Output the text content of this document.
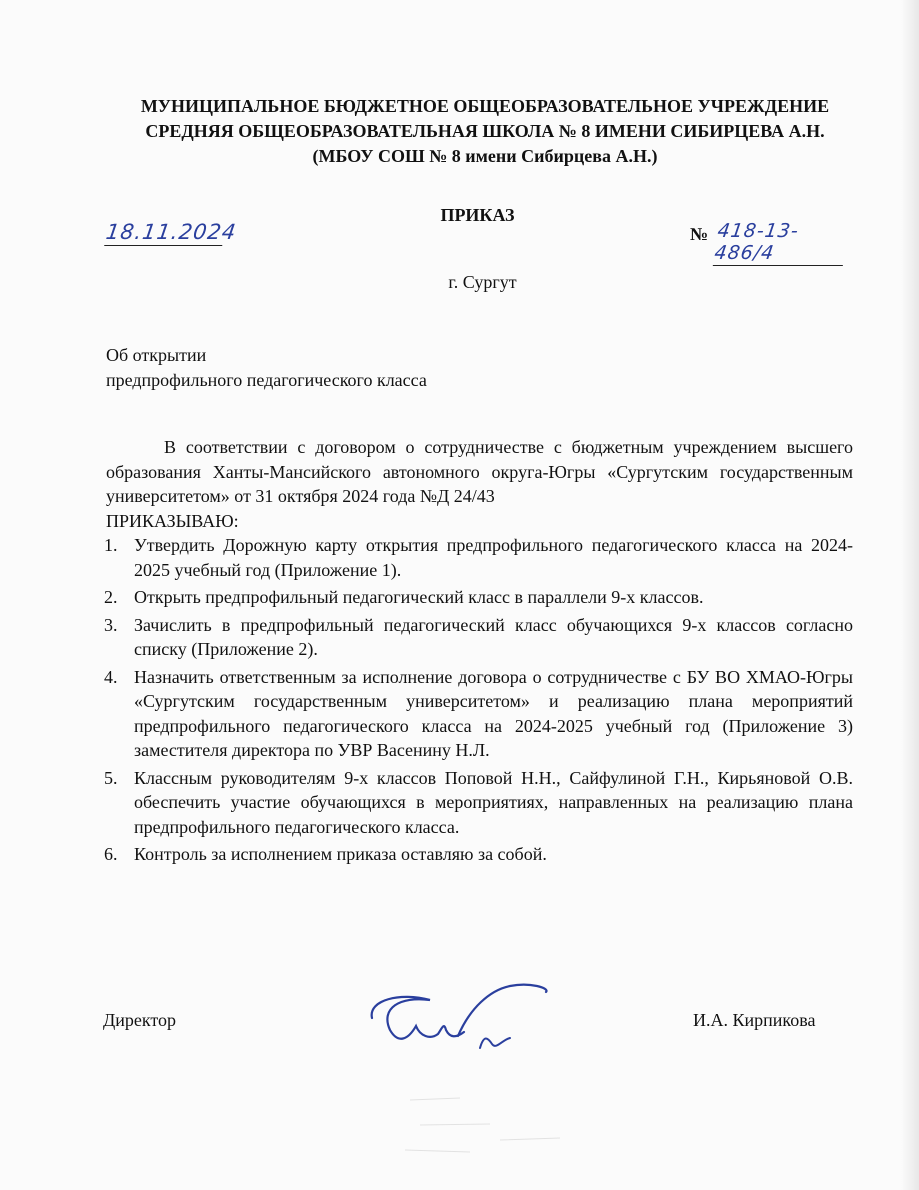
МУНИЦИПАЛЬНОЕ БЮДЖЕТНОЕ ОБЩЕОБРАЗОВАТЕЛЬНОЕ УЧРЕЖДЕНИЕ
СРЕДНЯЯ ОБЩЕОБРАЗОВАТЕЛЬНАЯ ШКОЛА № 8 ИМЕНИ СИБИРЦЕВА А.Н.
(МБОУ СОШ № 8 имени Сибирцева А.Н.)
ПРИКАЗ
18.11.2024	№ 418-13-486/4
г. Сургут
Об открытии
предпрофильного педагогического класса

В соответствии с договором о сотрудничестве с бюджетным учреждением высшего образования Ханты-Мансийского автономного округа-Югры «Сургутским государственным университетом» от 31 октября 2024 года №Д 24/43

ПРИКАЗЫВАЮ:

1. Утвердить Дорожную карту открытия предпрофильного педагогического класса на 2024-2025 учебный год (Приложение 1).
2. Открыть предпрофильный педагогический класс в параллели 9-х классов.
3. Зачислить в предпрофильный педагогический класс обучающихся 9-х классов согласно списку (Приложение 2).
4. Назначить ответственным за исполнение договора о сотрудничестве с БУ ВО ХМАО-Югры «Сургутским государственным университетом» и реализацию плана мероприятий предпрофильного педагогического класса на 2024-2025 учебный год (Приложение 3) заместителя директора по УВР Васенину Н.Л.
5. Классным руководителям 9-х классов Поповой Н.Н., Сайфулиной Г.Н., Кирьяновой О.В. обеспечить участие обучающихся в мероприятиях, направленных на реализацию плана предпрофильного педагогического класса.
6. Контроль за исполнением приказа оставляю за собой.
Директор	И.А. Кирпикова
